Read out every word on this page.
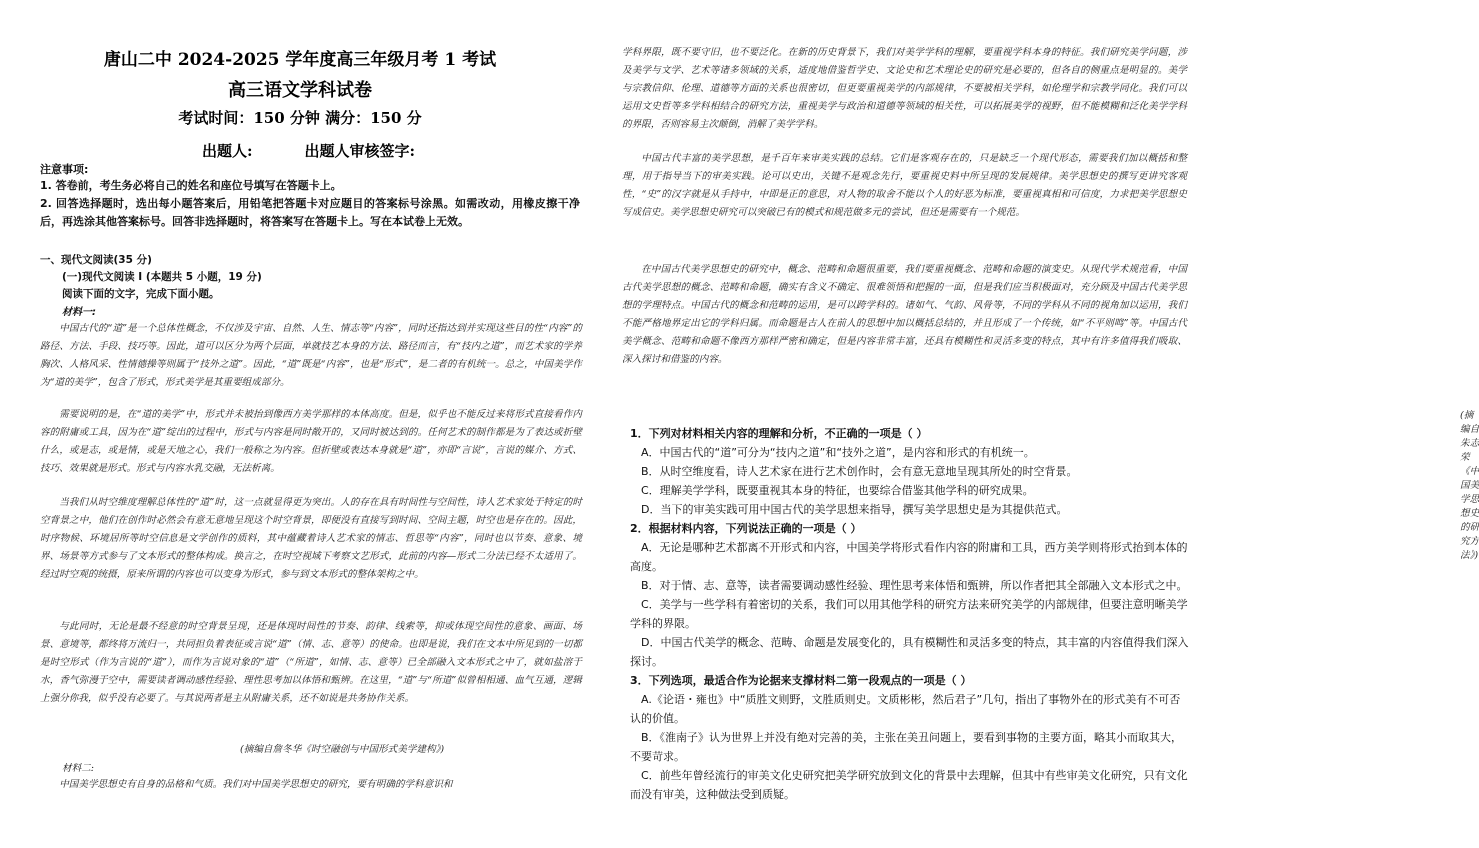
唐山二中 2024-2025 学年度高三年级月考 1 考试
高三语文学科试卷
考试时间：150 分钟 满分：150 分
出题人:	出题人审核签字:
注意事项:
1. 答卷前，考生务必将自己的姓名和座位号填写在答题卡上。
2. 回答选择题时，选出每小题答案后，用铅笔把答题卡对应题目的答案标号涂黑。如需改动，用橡皮擦干净后，再选涂其他答案标号。回答非选择题时，将答案写在答题卡上。写在本试卷上无效。
一、现代文阅读(35 分)
(一)现代文阅读 I (本题共 5 小题，19 分)
阅读下面的文字，完成下面小题。
材料一:
中国古代的“道”是一个总体性概念，不仅涉及宇宙、自然、人生、情志等“内容”，同时还指达到并实现这些目的性“内容”的路径、方法、手段、技巧等。因此，道可以区分为两个层面，单就技艺本身的方法、路径而言，有“技内之道”，而艺术家的学养胸次、人格风采、性情德操等则属于“技外之道”。因此，“道”既是“内容”，也是“形式”，是二者的有机统一。总之，中国美学作为“道的美学”，包含了形式，形式美学是其重要组成部分。
需要说明的是，在“道的美学”中，形式并未被抬到像西方美学那样的本体高度。但是，似乎也不能反过来将形式直接看作内容的附庸或工具，因为在“道”绽出的过程中，形式与内容是同时敞开的，又同时被达到的。任何艺术的制作都是为了表达或折壁什么，或是志，或是情，或是天地之心，我们一般称之为内容。但折壁或表达本身就是“道”，亦即“言说”，言说的媒介、方式、技巧、效果就是形式。形式与内容水乳交融，无法析离。
当我们从时空维度理解总体性的“道”时，这一点就显得更为突出。人的存在具有时间性与空间性，诗人艺术家处于特定的时空背景之中，他们在创作时必然会有意无意地呈现这个时空背景，即便没有直接写到时间、空间主题，时空也是存在的。因此，时序物候、环境居所等时空信息是文学创作的质料，其中蕴藏着诗人艺术家的情志、哲思等“内容”，同时也以节奏、意象、境界、场景等方式参与了文本形式的整体构成。换言之，在时空视域下考察文艺形式，此前的内容—形式二分法已经不太适用了。经过时空观的统摄，原来所谓的内容也可以变身为形式，参与到文本形式的整体架构之中。
与此同时，无论是最不经意的时空背景呈现，还是体现时间性的节奏、韵律、线索等，抑或体现空间性的意象、画面、场景、意境等，都终将万流归一，共同担负着表征或言说“道”（情、志、意等）的使命。也即是说，我们在文本中所见到的一切都是时空形式（作为言说的“道”），而作为言说对象的“道”（“所道”，如情、志、意等）已全部融入文本形式之中了，就如盐溶于水，香气弥漫于空中，需要读者调动感性经验、理性思考加以体悟和甄辨。在这里，“道”与“所道”似曾相相通、血气互通，逻辑上强分你我，似乎没有必要了。与其说两者是主从附庸关系，还不如说是共务协作关系。
(摘编自詹冬华《时空融创与中国形式美学建构》)
材料二:
中国美学思想史有自身的品格和气质。我们对中国美学思想史的研究，要有明确的学科意识和
学科界限，既不要守旧，也不要泛化。在新的历史背景下，我们对美学学科的理解，要重视学科本身的特征。我们研究美学问题，涉及美学与文学、艺术等诸多领域的关系，适度地借鉴哲学史、文论史和艺术理论史的研究是必要的，但各自的侧重点是明显的。美学与宗教信仰、伦理、道德等方面的关系也很密切，但更要重视美学的内部规律，不要被相关学科，如伦理学和宗教学同化。我们可以运用文史哲等多学科相结合的研究方法，重视美学与政治和道德等领域的相关性，可以拓展美学的视野，但不能模糊和泛化美学学科的界限，否则容易主次颠倒，消解了美学学科。
中国古代丰富的美学思想，是千百年来审美实践的总结。它们是客观存在的，只是缺乏一个现代形态，需要我们加以概括和整理，用于指导当下的审美实践。论可以史出，关键不是观念先行，要重视史料中所呈现的发展规律。美学思想史的撰写更讲究客观性，“史”的汉字就是从手持中，中即是正的意思，对人物的取舍不能以个人的好恶为标准，要重视真相和可信度，力求把美学思想史写成信史。美学思想史研究可以突破已有的模式和规范做多元的尝试，但还是需要有一个规范。
在中国古代美学思想史的研究中，概念、范畴和命题很重要，我们要重视概念、范畴和命题的演变史。从现代学术规范看，中国古代美学思想的概念、范畴和命题，确实有含义不确定、很难领悟和把握的一面，但是我们应当积极面对，充分顾及中国古代美学思想的学理特点。中国古代的概念和范畴的运用，是可以跨学科的。诸如气、气韵、风骨等，不同的学科从不同的视角加以运用，我们不能严格地界定出它的学科归属。而命题是古人在前人的思想中加以概括总结的，并且形成了一个传统，如“不平则鸣”等。中国古代美学概念、范畴和命题不像西方那样严密和确定，但是内容非常丰富，还具有模糊性和灵活多变的特点，其中有许多值得我们吸取、深入探讨和借鉴的内容。
(摘编自朱志荣《中国美学思想史的研究方法》)
1．下列对材料相关内容的理解和分析，不正确的一项是（ ）
A．中国古代的“道”可分为“技内之道”和“技外之道”，是内容和形式的有机统一。
B．从时空维度看，诗人艺术家在进行艺术创作时，会有意无意地呈现其所处的时空背景。
C．理解美学学科，既要重视其本身的特征，也要综合借鉴其他学科的研究成果。
D．当下的审美实践可用中国古代的美学思想来指导，撰写美学思想史是为其提供范式。
2．根据材料内容，下列说法正确的一项是（ ）
A．无论是哪种艺术都离不开形式和内容，中国美学将形式看作内容的附庸和工具，西方美学则将形式抬到本体的高度。
B．对于情、志、意等，读者需要调动感性经验、理性思考来体悟和甄辨，所以作者把其全部融入文本形式之中。
C．美学与一些学科有着密切的关系，我们可以用其他学科的研究方法来研究美学的内部规律，但要注意明晰美学学科的界限。
D．中国古代美学的概念、范畴、命题是发展变化的，具有模糊性和灵活多变的特点，其丰富的内容值得我们深入探讨。
3．下列选项，最适合作为论据来支撑材料二第一段观点的一项是（ ）
A.《论语・雍也》中“质胜文则野，文胜质则史。文质彬彬，然后君子”几句，指出了事物外在的形式美有不可否认的价值。
B．《淮南子》认为世界上并没有绝对完善的美，主张在美丑问题上，要看到事物的主要方面，略其小而取其大，不要苛求。
C．前些年曾经流行的审美文化史研究把美学研究放到文化的背景中去理解，但其中有些审美文化研究，只有文化而没有审美，这种做法受到质疑。
